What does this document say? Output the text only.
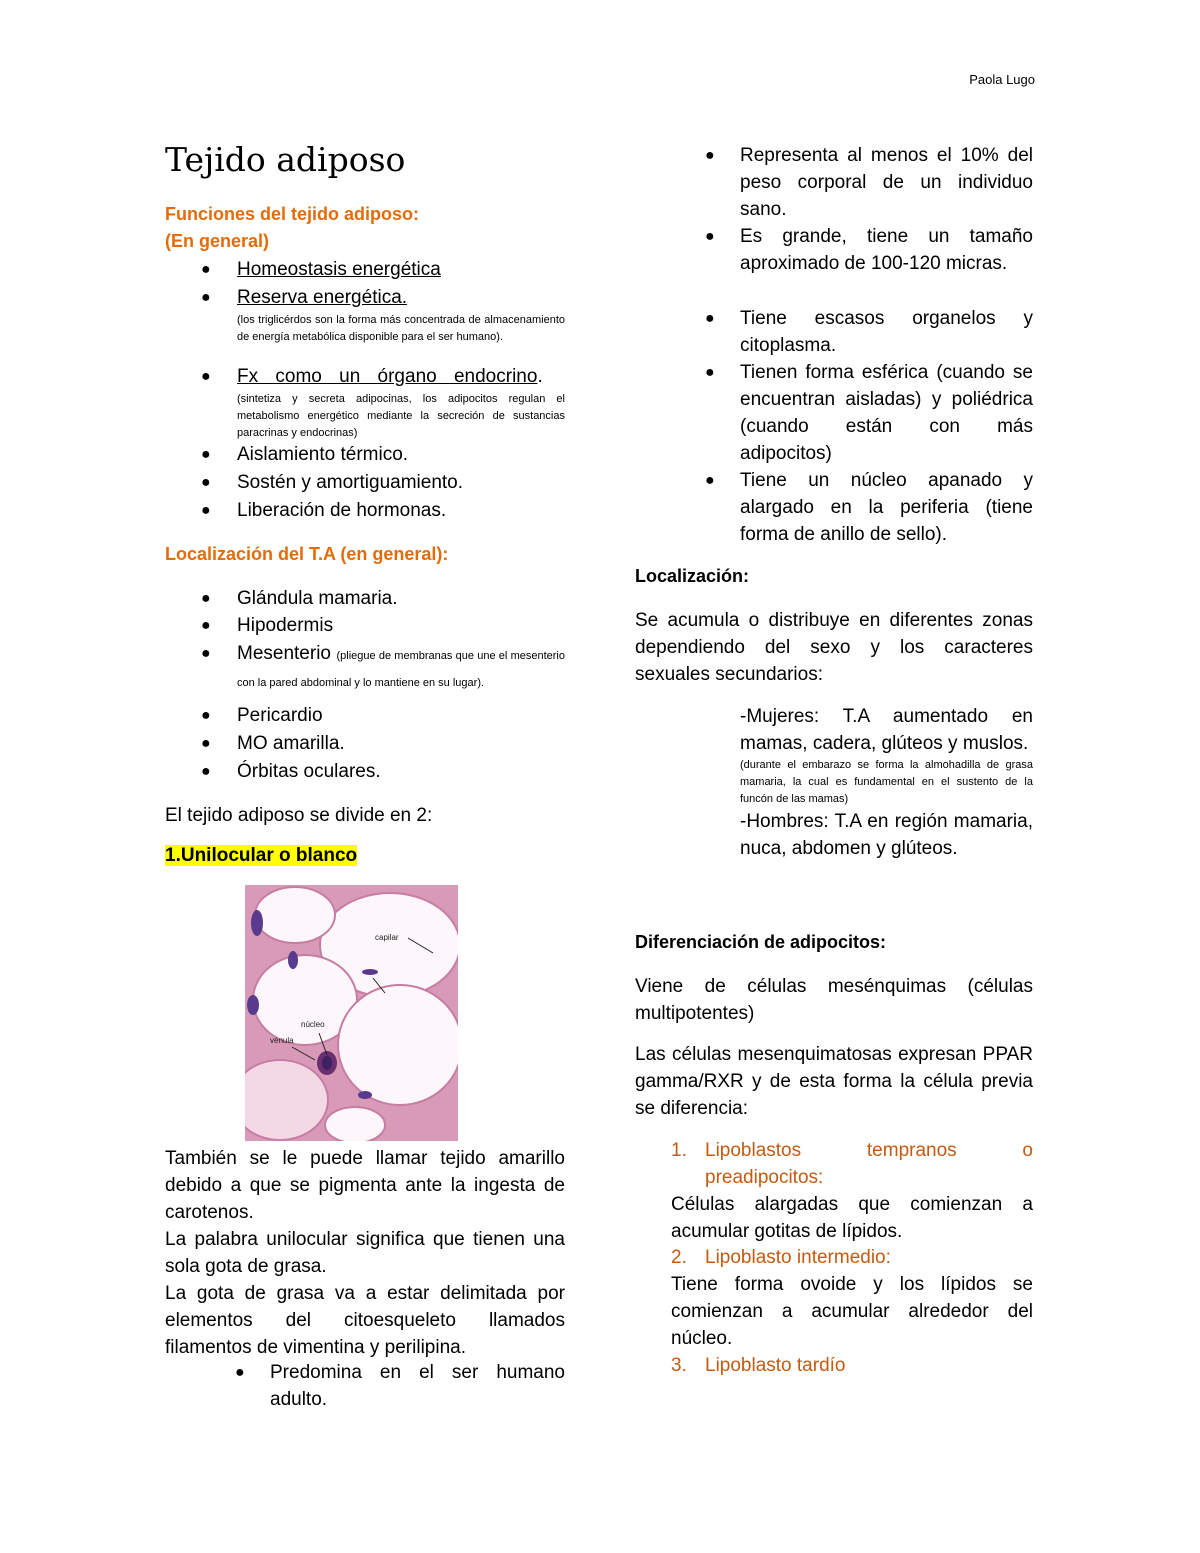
Paola Lugo
Tejido adiposo
Funciones del tejido adiposo:
(En general)
● Homeostasis energética
● Reserva energética.
(los triglicérdos son la forma más concentrada de almacenamiento de energía metabólica disponible para el ser humano).
● Fx como un órgano endocrino.
(sintetiza y secreta adipocinas, los adipocitos regulan el metabolismo energético mediante la secreción de sustancias paracrinas y endocrinas)
● Aislamiento térmico.
● Sostén y amortiguamiento.
● Liberación de hormonas.
Localización del T.A (en general):
● Glándula mamaria.
● Hipodermis
● Mesenterio (pliegue de membranas que une el mesenterio con la pared abdominal y lo mantiene en su lugar).
● Pericardio
● MO amarilla.
● Órbitas oculares.
El tejido adiposo se divide en 2:
1.Unilocular o blanco
También se le puede llamar tejido amarillo debido a que se pigmenta ante la ingesta de carotenos.
La palabra unilocular significa que tienen una sola gota de grasa.
La gota de grasa va a estar delimitada por elementos del citoesqueleto llamados filamentos de vimentina y perilipina.
● Predomina en el ser humano adulto.
capilar
núcleo
vénula
● Representa al menos el 10% del peso corporal de un individuo sano.
● Es grande, tiene un tamaño aproximado de 100-120 micras.
● Tiene escasos organelos y citoplasma.
● Tienen forma esférica (cuando se encuentran aisladas) y poliédrica (cuando están con más adipocitos)
● Tiene un núcleo apanado y alargado en la periferia (tiene forma de anillo de sello).
Localización:
Se acumula o distribuye en diferentes zonas dependiendo del sexo y los caracteres sexuales secundarios:
-Mujeres: T.A aumentado en mamas, cadera, glúteos y muslos.
(durante el embarazo se forma la almohadilla de grasa mamaria, la cual es fundamental en el sustento de la funcón de las mamas)
-Hombres: T.A en región mamaria, nuca, abdomen y glúteos.
Diferenciación de adipocitos:
Viene de células mesénquimas (células multipotentes)
Las células mesenquimatosas expresan PPAR gamma/RXR y de esta forma la célula previa se diferencia:
1. Lipoblastos tempranos o preadipocitos:
Células alargadas que comienzan a acumular gotitas de lípidos.
2. Lipoblasto intermedio:
Tiene forma ovoide y los lípidos se comienzan a acumular alrededor del núcleo.
3. Lipoblasto tardío
